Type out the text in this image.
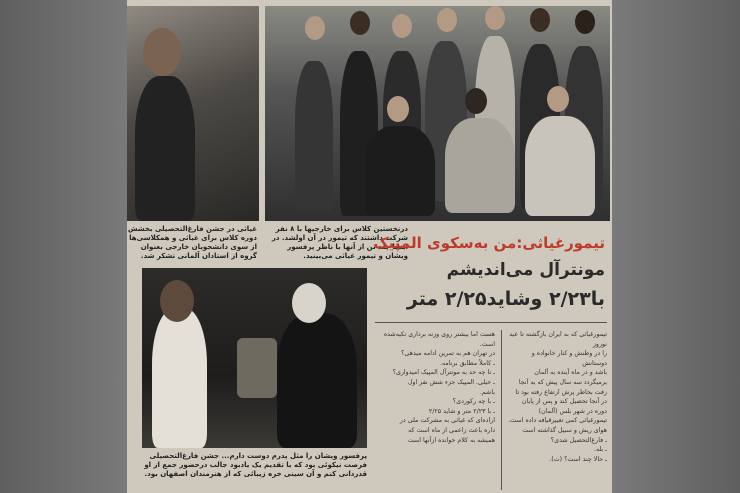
غیاثی در جشن فارغ‌التحصیلی بخشش دوره کلاس برای غیاثی و همکلاسی‌ها از سوی دانشجویان خارجی بعنوان گروه از استادان آلمانی تشکر شد.
درنخستین کلاس برای خارجیها با ۸ نفر شرکت داشتند که تیمور در آن اولشد. در اینجا چند تن از آنها با ناظر پرفسور ویشان و تیمور غیاثی می‌بینید.
تیمورغیاثی:من به‌سکوی المپیک
مونترآل می‌اندیشم
با۲/۲۳ وشاید۲/۲۵ متر
پرفسور ویشان را مثل پدرم دوست دارم... جشن فارغ‌التحصیلی فرصت نیکوئی بود که با تقدیم یک یادبود جالب درحضور جمع از او قدردانی کنم و آن سینی خره زیبائی که از هنرمندان اصفهان بود.
تیمورغیاثی که به ایران بازگشته تا عید نوروز
را در وطنش و کنار خانواده و دوستانش
باشد و در ماه آینده به آلمان
برمیگردد سه سال پیش که به آنجا
رفت بخاطر پرش ارتفاع رفته بود تا
در آنجا تحصیل کند و پس از پایان
دوره در شهر بلس (آلمان)
تیمورغیاثی کمی تغییرقیافه داده است.
هوای ریش و سبیل گذاشته است
ـ فارغ‌التحصیل شدی؟
ـ بله.
ـ حالا چند است؟ (ت).
هست اما بیشتر روی وزنه برداری تکیه‌شده است.
در تهران هم به تمرین ادامه میدهی؟
ـ کاملاً مطابق برنامه.
ـ تا چه حد به مونترآل المپیک امیدواری؟
ـ خیلی. المپیک جزء شش نفر اول
باشم.
ـ با چه رکوردی؟
ـ با ۲/۲۳ متر و شاید ۲/۲۵
اراده‌ای که غیاثی به مشرکت ملی در
داره باعث زاعمی از ماه است که
همیشه به کلام خوانده ازآنها است
